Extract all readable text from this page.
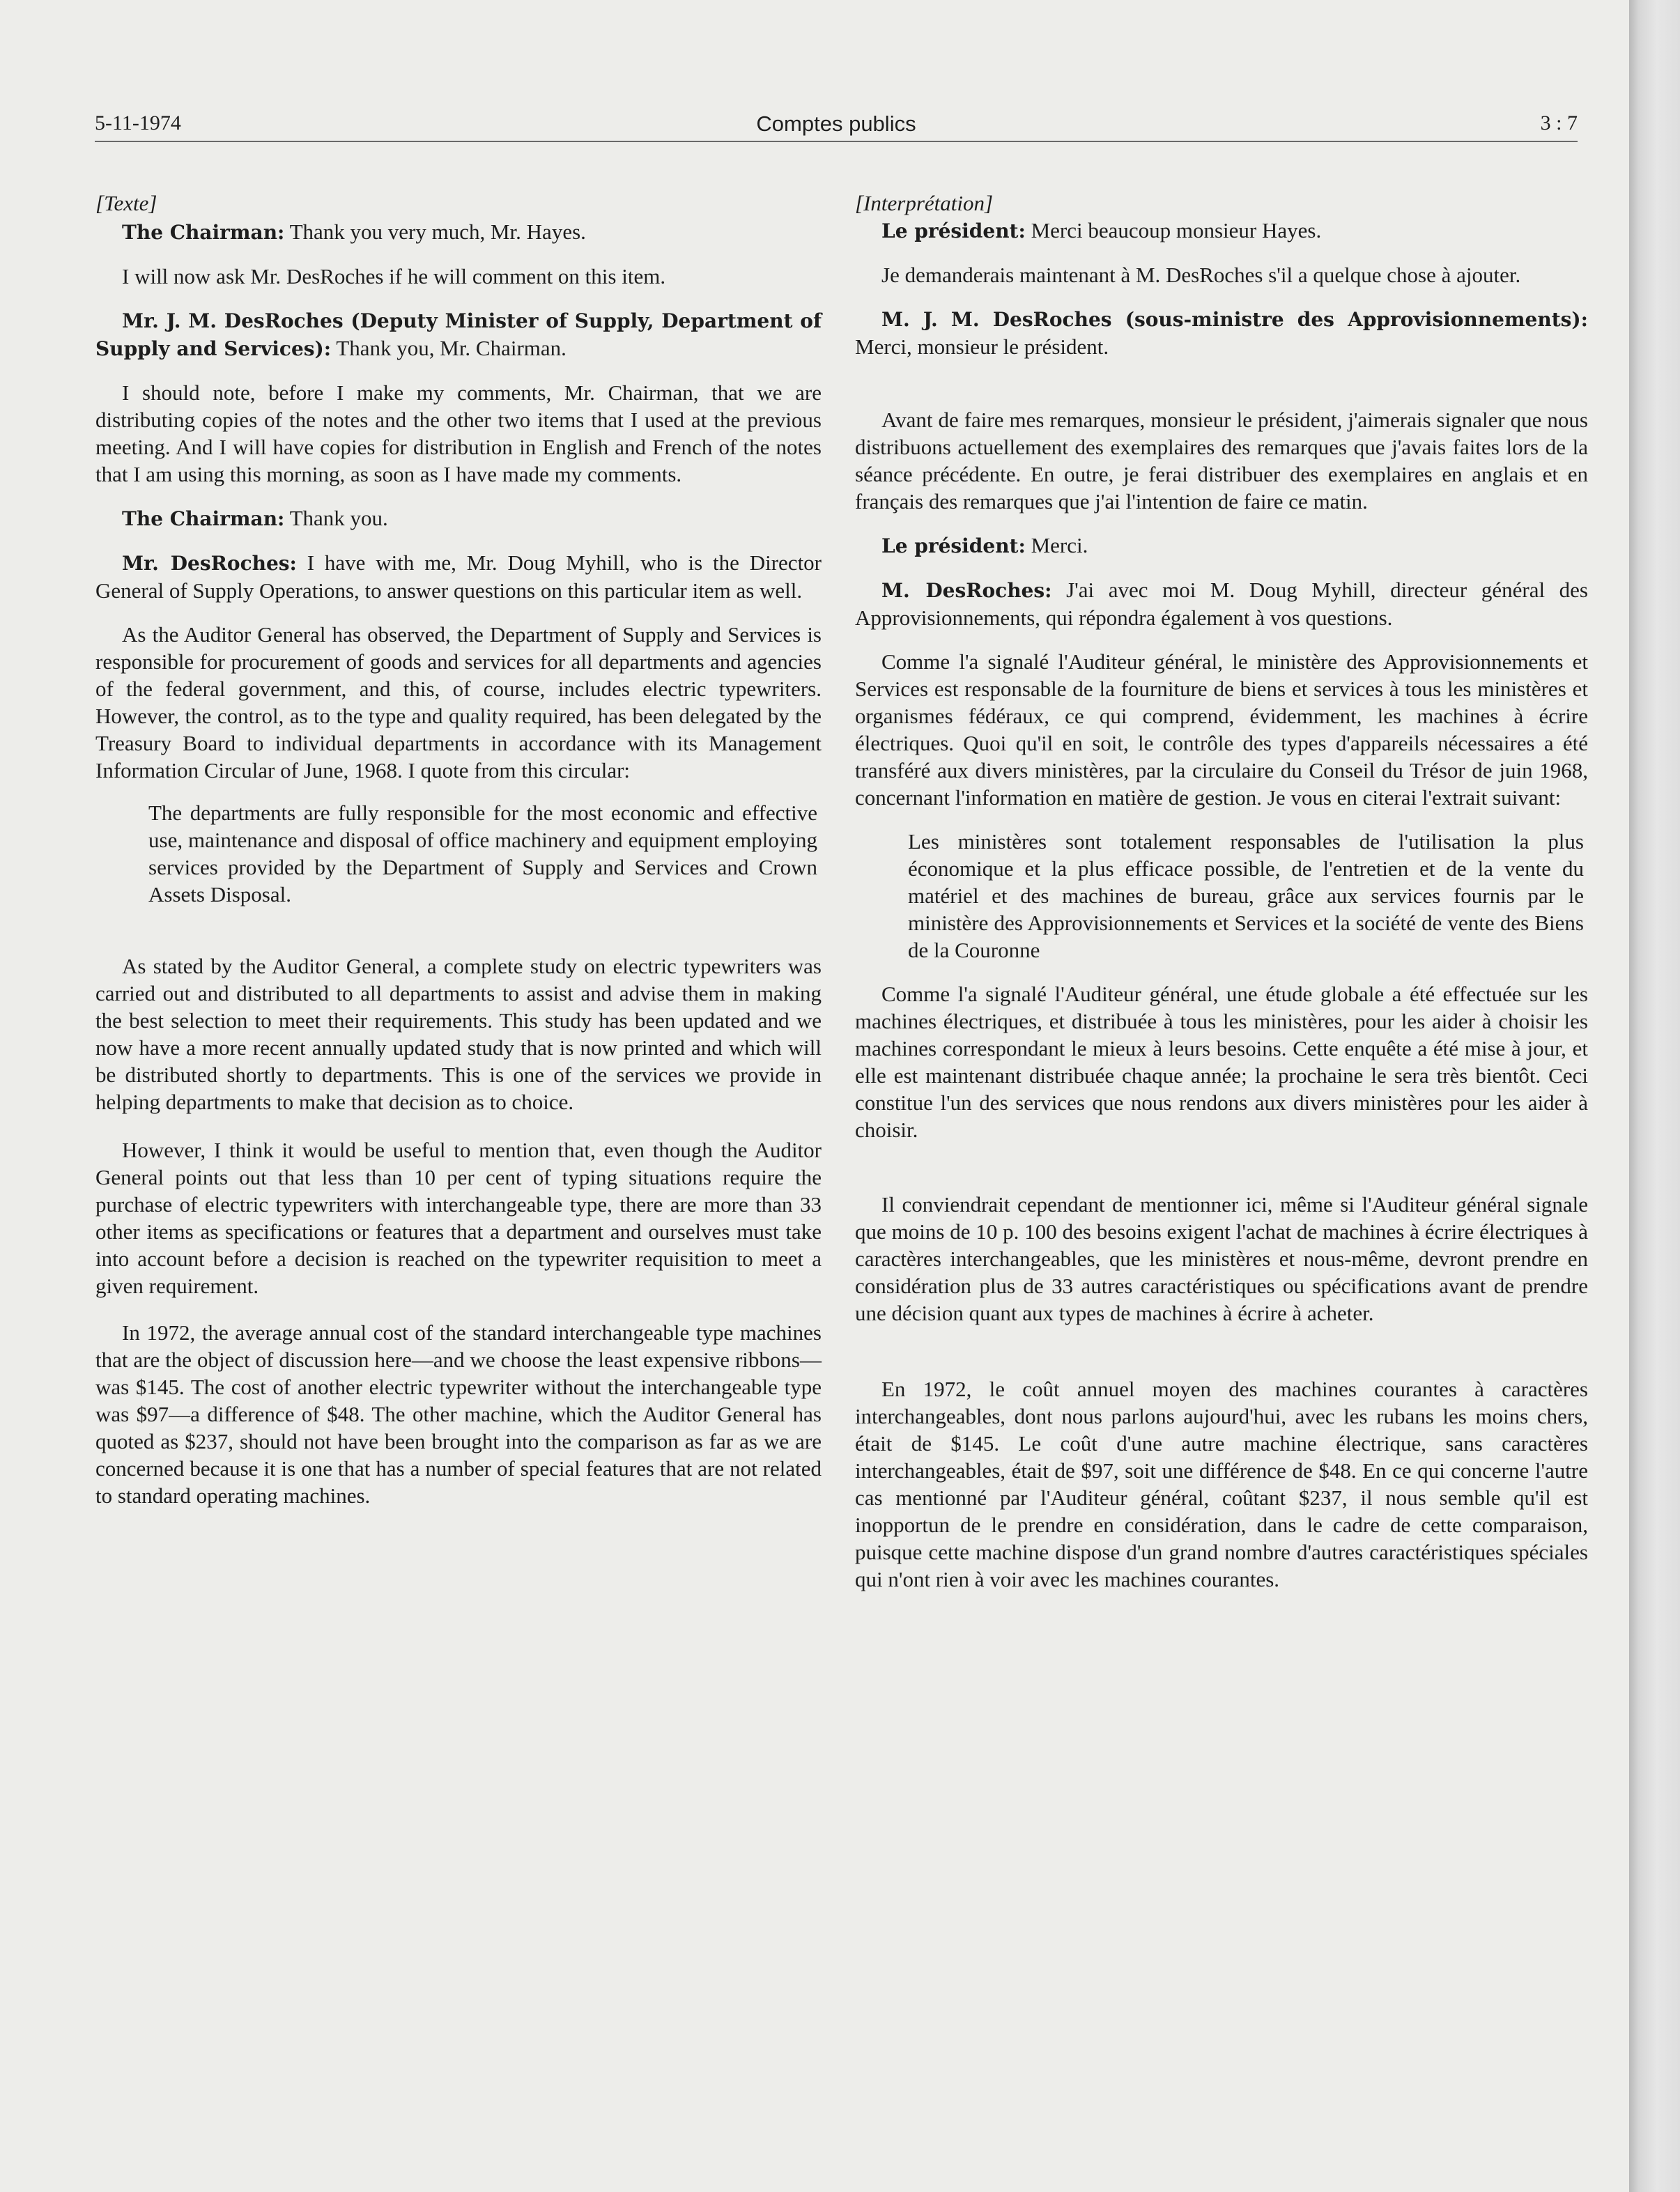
5-11-1974	Comptes publics	3 : 7

[Texte]

The Chairman: Thank you very much, Mr. Hayes.

I will now ask Mr. DesRoches if he will comment on this item.

Mr. J. M. DesRoches (Deputy Minister of Supply, Department of Supply and Services): Thank you, Mr. Chairman.

I should note, before I make my comments, Mr. Chairman, that we are distributing copies of the notes and the other two items that I used at the previous meeting. And I will have copies for distribution in English and French of the notes that I am using this morning, as soon as I have made my comments.

The Chairman: Thank you.

Mr. DesRoches: I have with me, Mr. Doug Myhill, who is the Director General of Supply Operations, to answer questions on this particular item as well.

As the Auditor General has observed, the Department of Supply and Services is responsible for procurement of goods and services for all departments and agencies of the federal government, and this, of course, includes electric typewriters. However, the control, as to the type and quality required, has been delegated by the Treasury Board to individual departments in accordance with its Management Information Circular of June, 1968. I quote from this circular:

The departments are fully responsible for the most economic and effective use, maintenance and disposal of office machinery and equipment employing services provided by the Department of Supply and Services and Crown Assets Disposal.

As stated by the Auditor General, a complete study on electric typewriters was carried out and distributed to all departments to assist and advise them in making the best selection to meet their requirements. This study has been updated and we now have a more recent annually updated study that is now printed and which will be distributed shortly to departments. This is one of the services we provide in helping departments to make that decision as to choice.

However, I think it would be useful to mention that, even though the Auditor General points out that less than 10 per cent of typing situations require the purchase of electric typewriters with interchangeable type, there are more than 33 other items as specifications or features that a department and ourselves must take into account before a decision is reached on the typewriter requisition to meet a given requirement.

In 1972, the average annual cost of the standard interchangeable type machines that are the object of discussion here—and we choose the least expensive ribbons—was $145. The cost of another electric typewriter without the interchangeable type was $97—a difference of $48. The other machine, which the Auditor General has quoted as $237, should not have been brought into the comparison as far as we are concerned because it is one that has a number of special features that are not related to standard operating machines.

[Interprétation]

Le président: Merci beaucoup monsieur Hayes.

Je demanderais maintenant à M. DesRoches s'il a quelque chose à ajouter.

M. J. M. DesRoches (sous-ministre des Approvisionnements): Merci, monsieur le président.

Avant de faire mes remarques, monsieur le président, j'aimerais signaler que nous distribuons actuellement des exemplaires des remarques que j'avais faites lors de la séance précédente. En outre, je ferai distribuer des exemplaires en anglais et en français des remarques que j'ai l'intention de faire ce matin.

Le président: Merci.

M. DesRoches: J'ai avec moi M. Doug Myhill, directeur général des Approvisionnements, qui répondra également à vos questions.

Comme l'a signalé l'Auditeur général, le ministère des Approvisionnements et Services est responsable de la fourniture de biens et services à tous les ministères et organismes fédéraux, ce qui comprend, évidemment, les machines à écrire électriques. Quoi qu'il en soit, le contrôle des types d'appareils nécessaires a été transféré aux divers ministères, par la circulaire du Conseil du Trésor de juin 1968, concernant l'information en matière de gestion. Je vous en citerai l'extrait suivant:

Les ministères sont totalement responsables de l'utilisation la plus économique et la plus efficace possible, de l'entretien et de la vente du matériel et des machines de bureau, grâce aux services fournis par le ministère des Approvisionnements et Services et la société de vente des Biens de la Couronne

Comme l'a signalé l'Auditeur général, une étude globale a été effectuée sur les machines électriques, et distribuée à tous les ministères, pour les aider à choisir les machines correspondant le mieux à leurs besoins. Cette enquête a été mise à jour, et elle est maintenant distribuée chaque année; la prochaine le sera très bientôt. Ceci constitue l'un des services que nous rendons aux divers ministères pour les aider à choisir.

Il conviendrait cependant de mentionner ici, même si l'Auditeur général signale que moins de 10 p. 100 des besoins exigent l'achat de machines à écrire électriques à caractères interchangeables, que les ministères et nous-même, devront prendre en considération plus de 33 autres caractéristiques ou spécifications avant de prendre une décision quant aux types de machines à écrire à acheter.

En 1972, le coût annuel moyen des machines courantes à caractères interchangeables, dont nous parlons aujourd'hui, avec les rubans les moins chers, était de $145. Le coût d'une autre machine électrique, sans caractères interchangeables, était de $97, soit une différence de $48. En ce qui concerne l'autre cas mentionné par l'Auditeur général, coûtant $237, il nous semble qu'il est inopportun de le prendre en considération, dans le cadre de cette comparaison, puisque cette machine dispose d'un grand nombre d'autres caractéristiques spéciales qui n'ont rien à voir avec les machines courantes.
